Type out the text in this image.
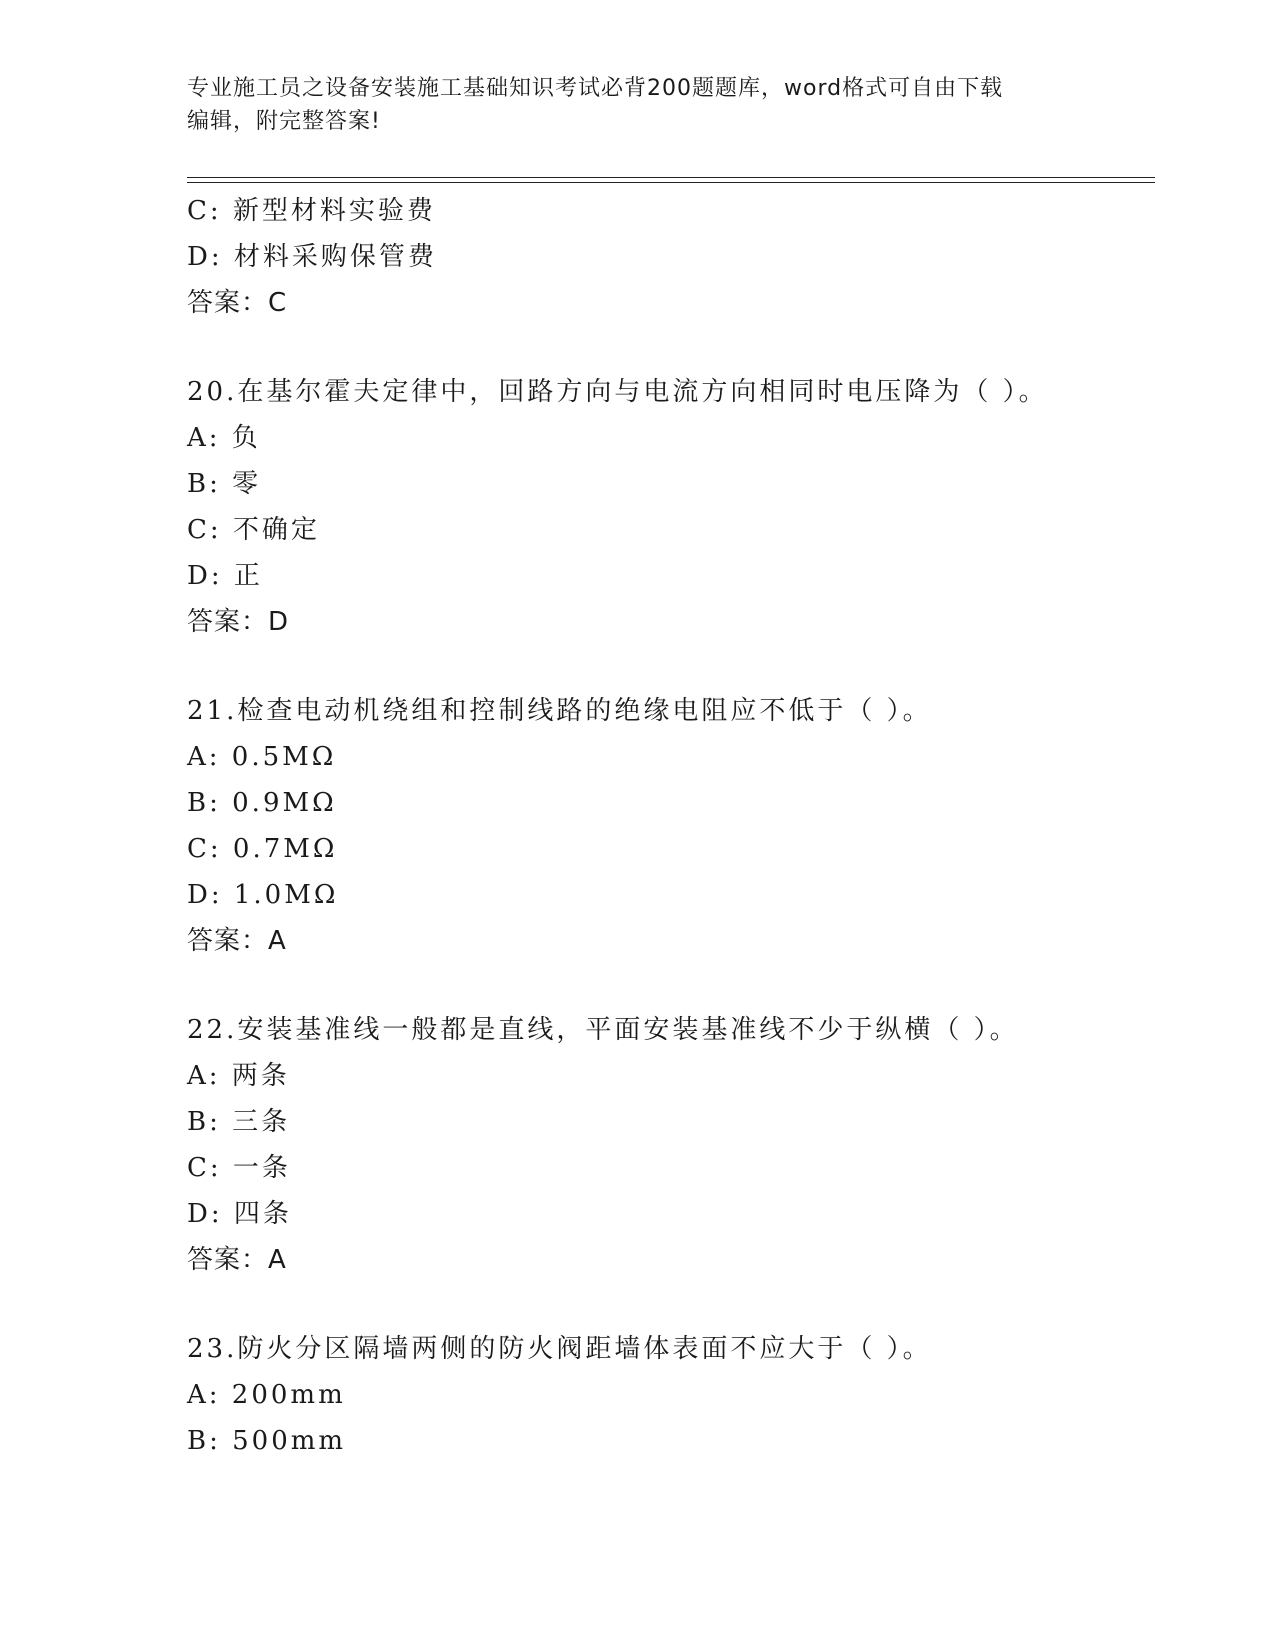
专业施工员之设备安装施工基础知识考试必背200题题库，word格式可自由下载
编辑，附完整答案!
C: 新型材料实验费
D: 材料采购保管费
答案：C
20.在基尔霍夫定律中，回路方向与电流方向相同时电压降为（ ）。
A: 负
B: 零
C: 不确定
D: 正
答案：D
21.检查电动机绕组和控制线路的绝缘电阻应不低于（ ）。
A: 0.5MΩ
B: 0.9MΩ
C: 0.7MΩ
D: 1.0MΩ
答案：A
22.安装基准线一般都是直线，平面安装基准线不少于纵横（ ）。
A: 两条
B: 三条
C: 一条
D: 四条
答案：A
23.防火分区隔墙两侧的防火阀距墙体表面不应大于（ ）。
A: 200mm
B: 500mm
